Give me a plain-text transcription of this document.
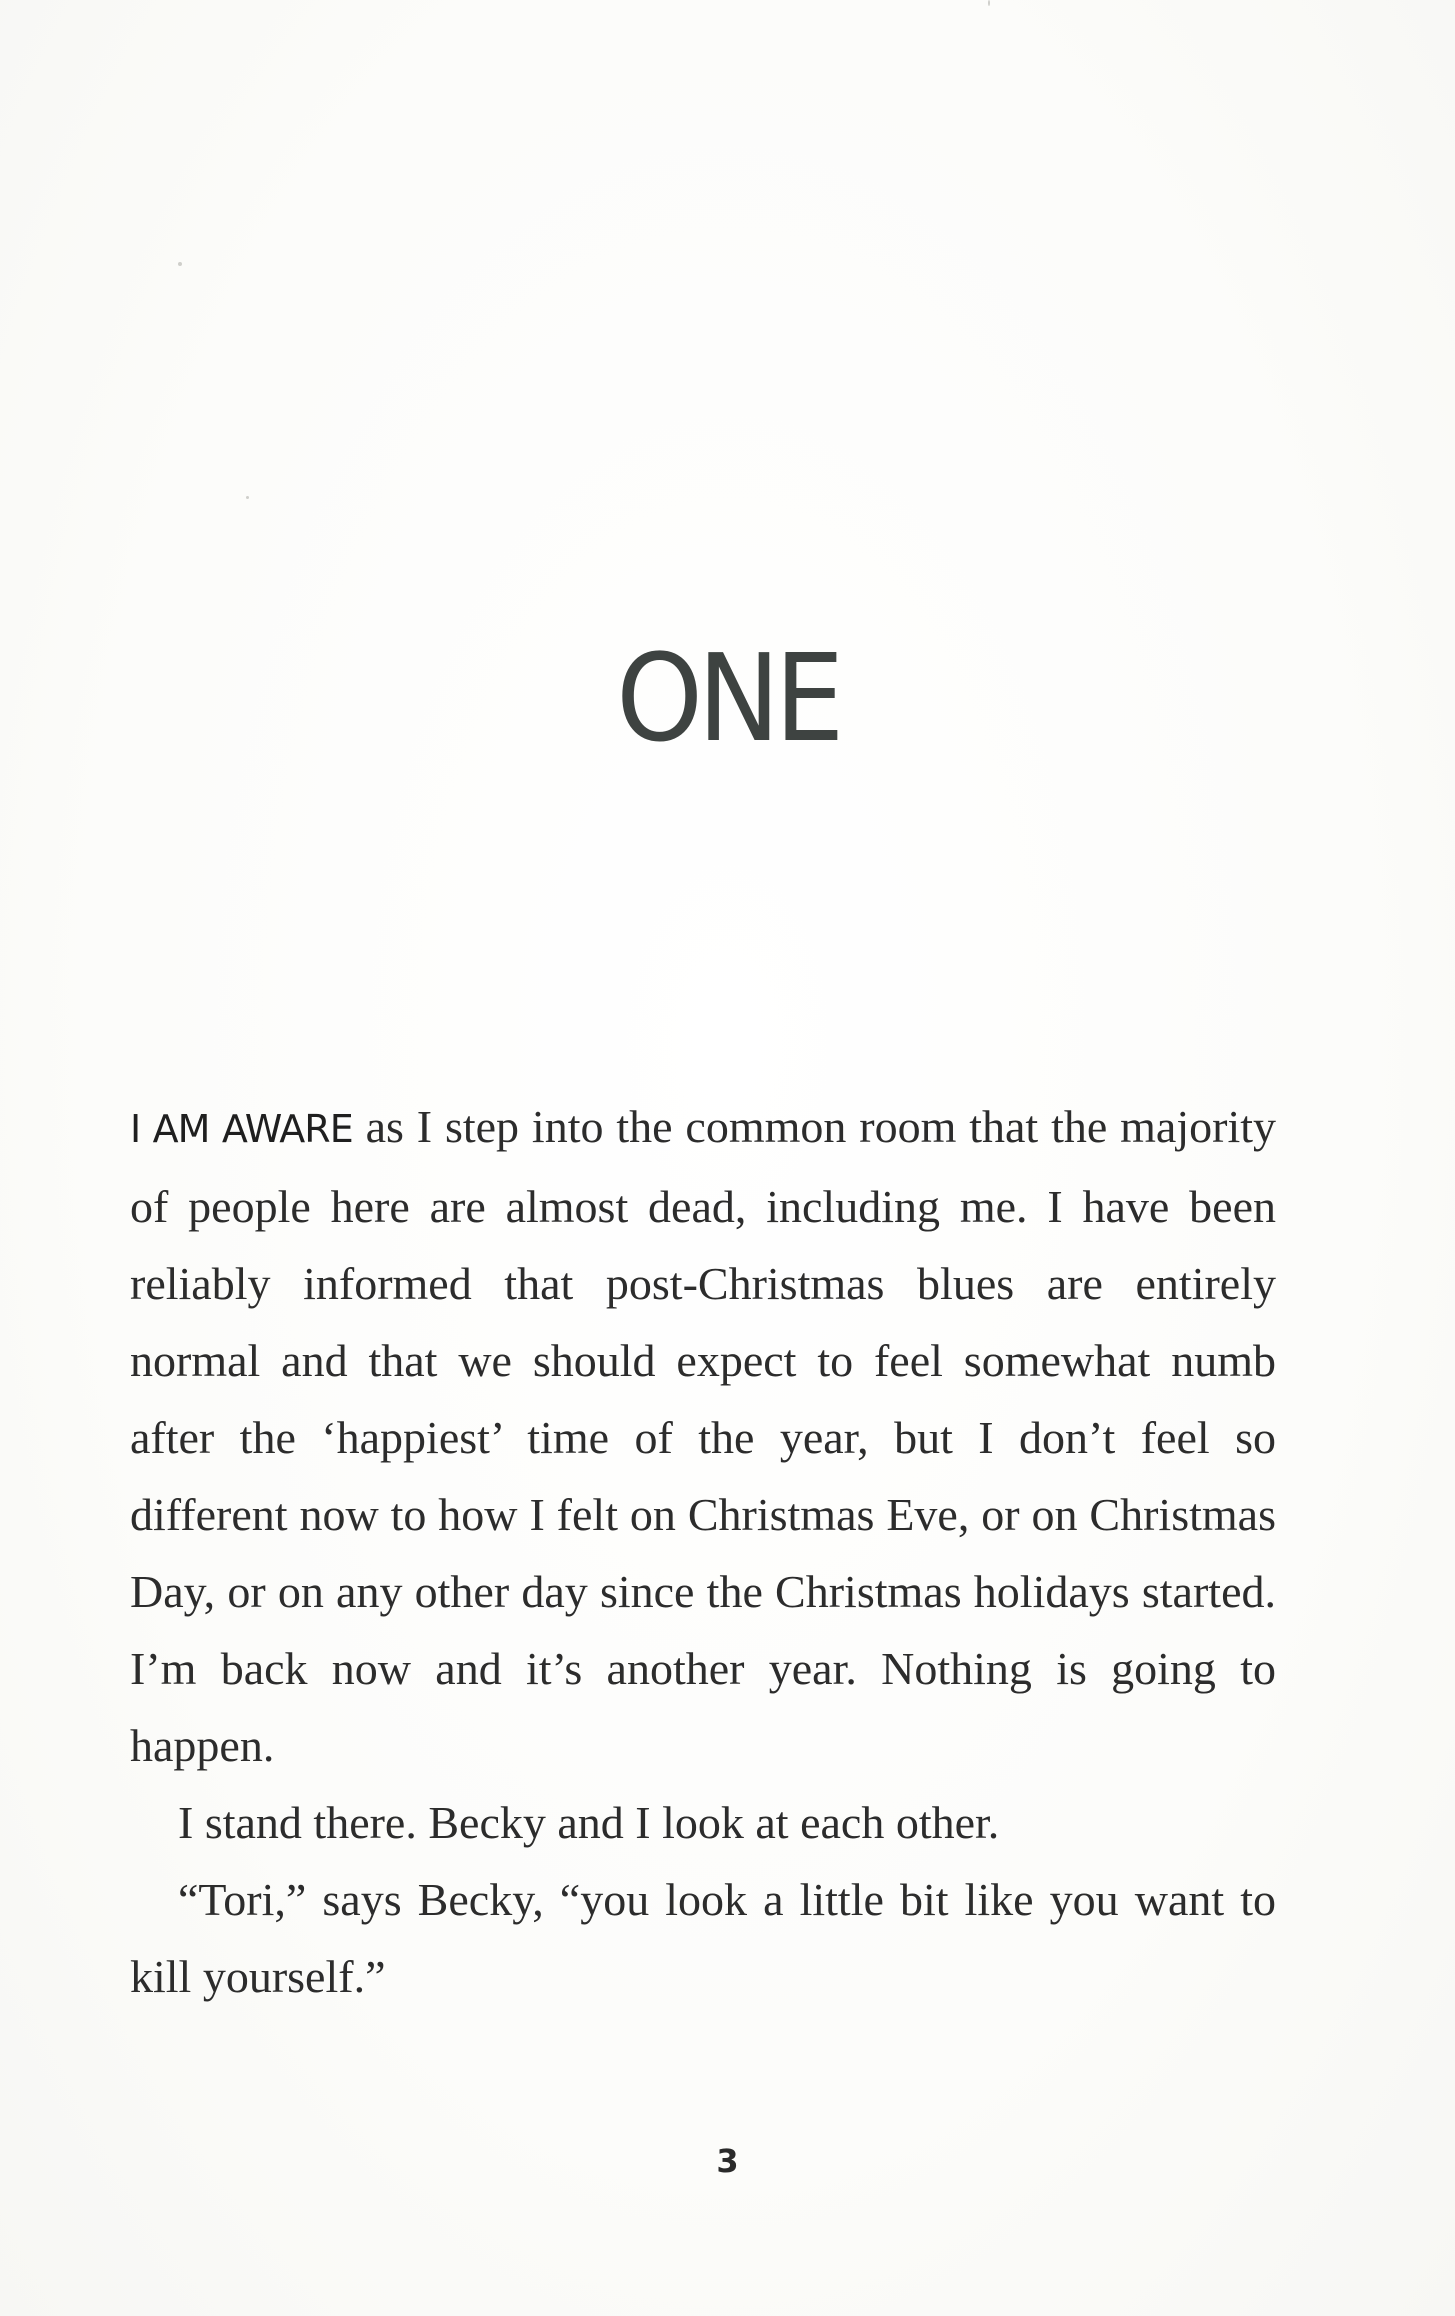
ONE

I AM AWARE as I step into the common room that the majority of people here are almost dead, including me. I have been reliably informed that post-Christmas blues are entirely normal and that we should expect to feel somewhat numb after the ‘happiest’ time of the year, but I don’t feel so different now to how I felt on Christmas Eve, or on Christmas Day, or on any other day since the Christmas holidays started. I’m back now and it’s another year. Nothing is going to happen.

I stand there. Becky and I look at each other.

“Tori,” says Becky, “you look a little bit like you want to kill yourself.”

3
